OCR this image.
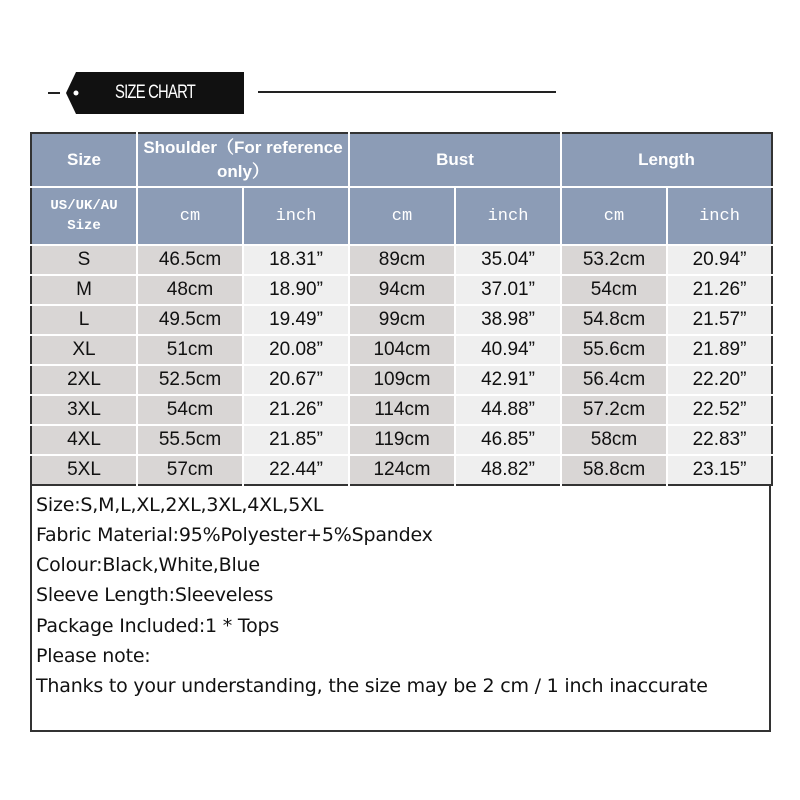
SIZE CHART
Size	Shoulder（For reference only）		Bust		Length	
US/UK/AU Size	cm	inch	cm	inch	cm	inch
S	46.5cm	18.31”	89cm	35.04”	53.2cm	20.94”
M	48cm	18.90”	94cm	37.01”	54cm	21.26”
L	49.5cm	19.49”	99cm	38.98”	54.8cm	21.57”
XL	51cm	20.08”	104cm	40.94”	55.6cm	21.89”
2XL	52.5cm	20.67”	109cm	42.91”	56.4cm	22.20”
3XL	54cm	21.26”	114cm	44.88”	57.2cm	22.52”
4XL	55.5cm	21.85”	119cm	46.85”	58cm	22.83”
5XL	57cm	22.44”	124cm	48.82”	58.8cm	23.15”
Size:S,M,L,XL,2XL,3XL,4XL,5XL
Fabric Material:95%Polyester+5%Spandex
Colour:Black,White,Blue
Sleeve Length:Sleeveless
Package Included:1 * Tops
Please note:
Thanks to your understanding, the size may be 2 cm / 1 inch inaccurate
